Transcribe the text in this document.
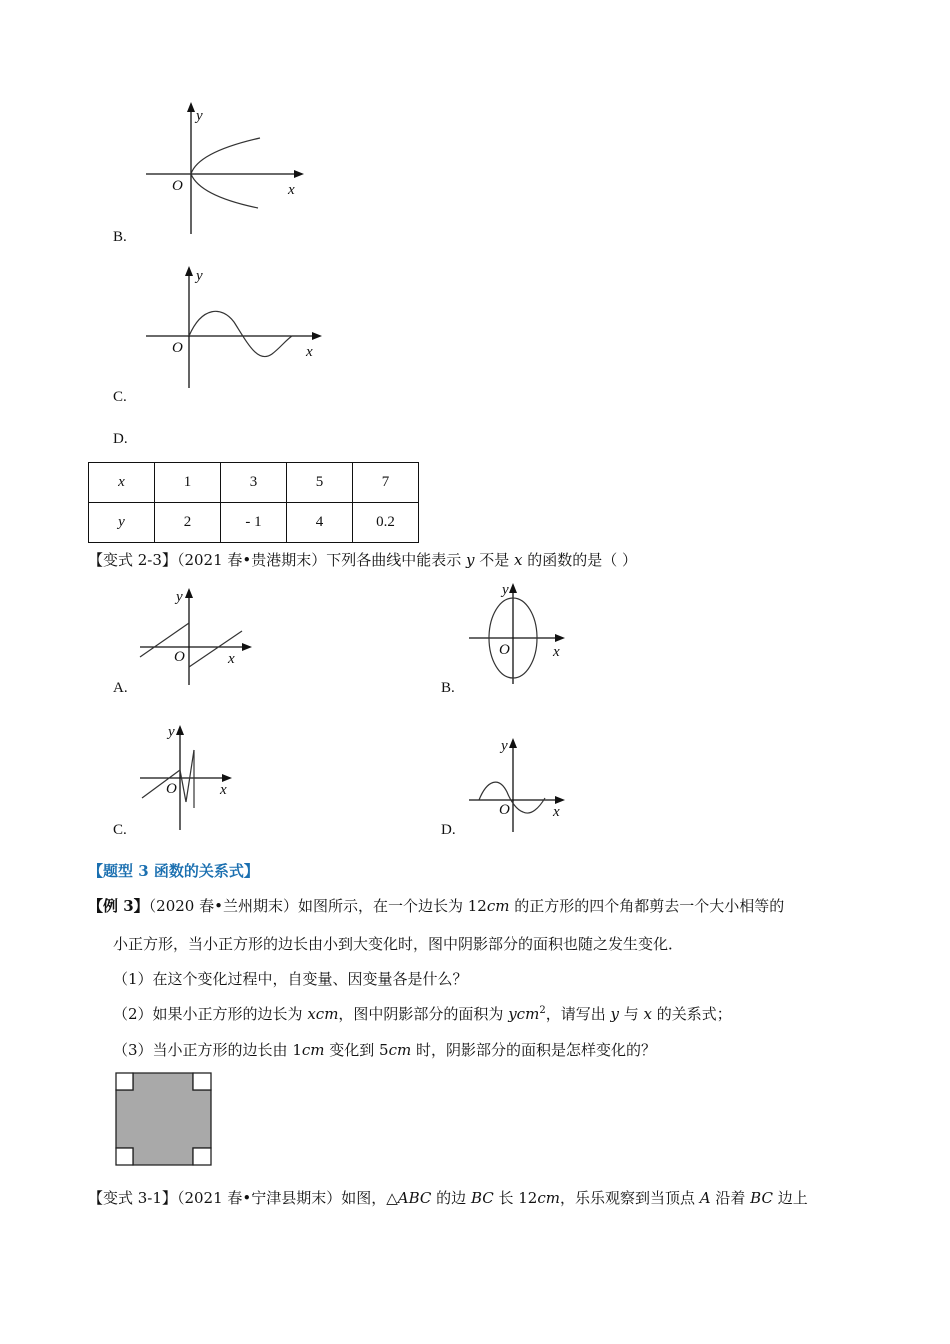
y
x
O
B.
y
x
O
C.
D.
x	1	3	5	7
y	2	- 1	4	0.2
【变式 2-3】（2021 春•贵港期末）下列各曲线中能表示 y 不是 x 的函数的是（ ）
y
x
O
A.
y
x
O
B.
y
x
O
C.
y
x
O
D.
【题型 3 函数的关系式】
【例 3】（2020 春•兰州期末）如图所示，在一个边长为 12cm 的正方形的四个角都剪去一个大小相等的
小正方形，当小正方形的边长由小到大变化时，图中阴影部分的面积也随之发生变化．
（1）在这个变化过程中，自变量、因变量各是什么？
（2）如果小正方形的边长为 xcm，图中阴影部分的面积为 ycm$^2$，请写出 y 与 x 的关系式；
（3）当小正方形的边长由 1cm 变化到 5cm 时，阴影部分的面积是怎样变化的？
【变式 3-1】（2021 春•宁津县期末）如图，△ABC 的边 BC 长 12cm，乐乐观察到当顶点 A 沿着 BC 边上
